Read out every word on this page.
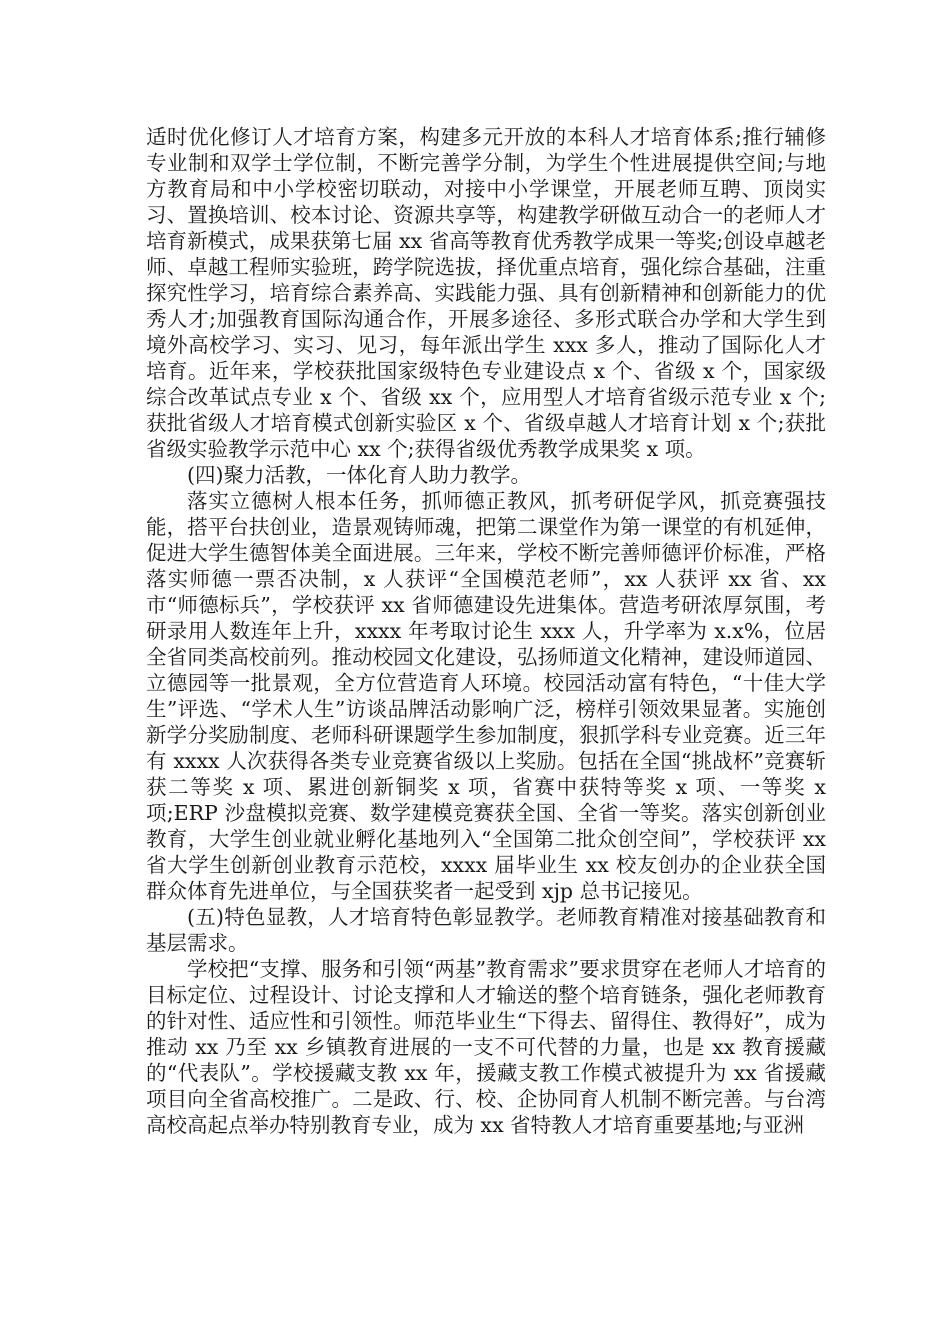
适时优化修订人才培育方案，构建多元开放的本科人才培育体系;推行辅修专业制和双学士学位制，不断完善学分制，为学生个性进展提供空间;与地方教育局和中小学校密切联动，对接中小学课堂，开展老师互聘、顶岗实习、置换培训、校本讨论、资源共享等，构建教学研做互动合一的老师人才培育新模式，成果获第七届 xx 省高等教育优秀教学成果一等奖;创设卓越老师、卓越工程师实验班，跨学院选拔，择优重点培育，强化综合基础，注重探究性学习，培育综合素养高、实践能力强、具有创新精神和创新能力的优秀人才;加强教育国际沟通合作，开展多途径、多形式联合办学和大学生到境外高校学习、实习、见习，每年派出学生 xxx 多人，推动了国际化人才培育。近年来，学校获批国家级特色专业建设点 x 个、省级 x 个，国家级综合改革试点专业 x 个、省级 xx 个，应用型人才培育省级示范专业 x 个;获批省级人才培育模式创新实验区 x 个、省级卓越人才培育计划 x 个;获批省级实验教学示范中心 xx 个;获得省级优秀教学成果奖 x 项。

(四)聚力活教，一体化育人助力教学。

落实立德树人根本任务，抓师德正教风，抓考研促学风，抓竞赛强技能，搭平台扶创业，造景观铸师魂，把第二课堂作为第一课堂的有机延伸，促进大学生德智体美全面进展。三年来，学校不断完善师德评价标准，严格落实师德一票否决制，x 人获评“全国模范老师”，xx 人获评 xx 省、xx 市“师德标兵”，学校获评 xx 省师德建设先进集体。营造考研浓厚氛围，考研录用人数连年上升，xxxx 年考取讨论生 xxx 人，升学率为 x.x%，位居全省同类高校前列。推动校园文化建设，弘扬师道文化精神，建设师道园、立德园等一批景观，全方位营造育人环境。校园活动富有特色，“十佳大学生”评选、“学术人生”访谈品牌活动影响广泛，榜样引领效果显著。实施创新学分奖励制度、老师科研课题学生参加制度，狠抓学科专业竞赛。近三年有 xxxx 人次获得各类专业竞赛省级以上奖励。包括在全国“挑战杯”竞赛斩获二等奖 x 项、累进创新铜奖 x 项，省赛中获特等奖 x 项、一等奖 x 项;ERP 沙盘模拟竞赛、数学建模竞赛获全国、全省一等奖。落实创新创业教育，大学生创业就业孵化基地列入“全国第二批众创空间”，学校获评 xx 省大学生创新创业教育示范校，xxxx 届毕业生 xx 校友创办的企业获全国群众体育先进单位，与全国获奖者一起受到 xjp 总书记接见。

(五)特色显教，人才培育特色彰显教学。老师教育精准对接基础教育和基层需求。

学校把“支撑、服务和引领“两基”教育需求”要求贯穿在老师人才培育的目标定位、过程设计、讨论支撑和人才输送的整个培育链条，强化老师教育的针对性、适应性和引领性。师范毕业生“下得去、留得住、教得好”，成为推动 xx 乃至 xx 乡镇教育进展的一支不可代替的力量，也是 xx 教育援藏的“代表队”。学校援藏支教 xx 年，援藏支教工作模式被提升为 xx 省援藏项目向全省高校推广。二是政、行、校、企协同育人机制不断完善。与台湾高校高起点举办特别教育专业，成为 xx 省特教人才培育重要基地;与亚洲
